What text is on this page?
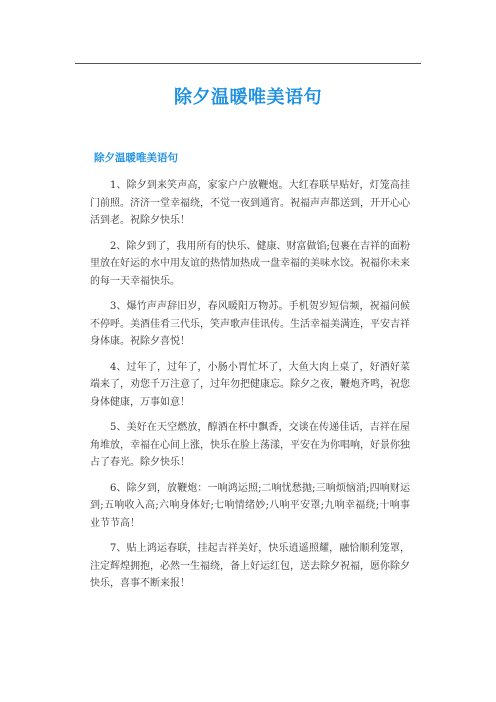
除夕温暖唯美语句
除夕温暖唯美语句

1、除夕到来笑声高，家家户户放鞭炮。大红春联早贴好，灯笼高挂门前照。济济一堂幸福绕，不觉一夜到通宵。祝福声声都送到，开开心心活到老。祝除夕快乐！

2、除夕到了，我用所有的快乐、健康、财富做馅;包裹在吉祥的面粉里放在好运的水中用友谊的热情加热成一盘幸福的美味水饺。祝福你未来的每一天幸福快乐。

3、爆竹声声辞旧岁，春风暖阳万物苏。手机贺岁短信频，祝福问候不停呼。美酒佳肴三代乐，笑声歌声佳讯传。生活幸福美满连，平安吉祥身体康。祝除夕喜悦！

4、过年了，过年了，小肠小胃忙坏了，大鱼大肉上桌了，好酒好菜端来了，劝您千万注意了，过年勿把健康忘。除夕之夜，鞭炮齐鸣，祝您身体健康，万事如意！

5、美好在天空燃放，醇酒在杯中飘香，交谈在传递佳话，吉祥在屋角堆放，幸福在心间上涨，快乐在脸上荡漾，平安在为你唱响，好景你独占了春光。除夕快乐！

6、除夕到，放鞭炮：一响鸿运照;二响忧愁抛;三响烦恼消;四响财运到;五响收入高;六响身体好;七响情绪妙;八响平安罩;九响幸福绕;十响事业节节高！

7、贴上鸿运春联，挂起吉祥美好，快乐逍遥照耀，融恰顺利笼罩，注定辉煌拥抱，必然一生福绕，备上好运红包，送去除夕祝福，愿你除夕快乐，喜事不断来报！
